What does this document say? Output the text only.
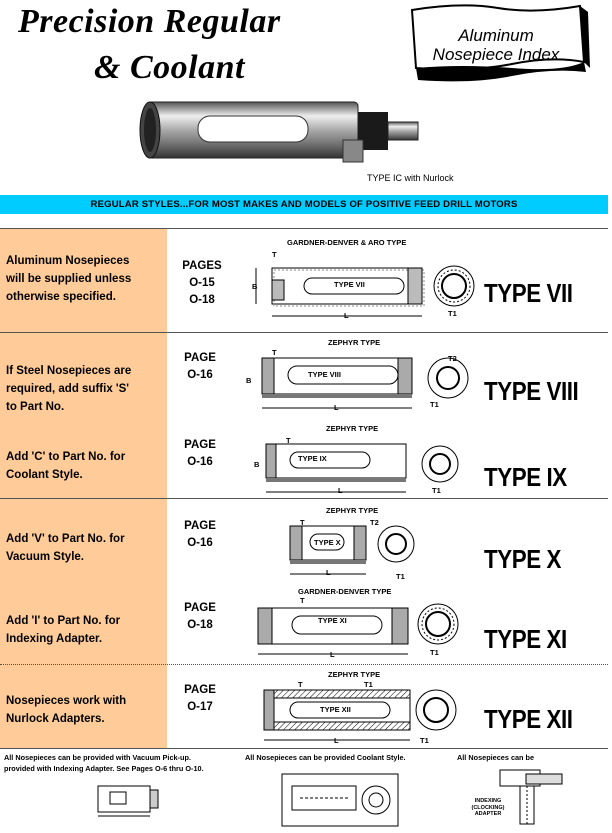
Precision Regular
& Coolant
Aluminum
Nosepiece Index
TYPE IC with Nurlock
REGULAR STYLES...FOR MOST MAKES AND MODELS OF POSITIVE FEED DRILL MOTORS
Aluminum Nosepieces
will be supplied unless
otherwise specified.
PAGES
O-15
O-18
GARDNER-DENVER & ARO TYPE
TYPE VII
B
T
L	T1
TYPE VII
If Steel Nosepieces are
required, add suffix 'S'
to Part No.
PAGE
O-16
ZEPHYR TYPE
TYPE VIII
B
T
L
T2
T1 TYPE VIII
Add 'C' to Part No. for
Coolant Style.
PAGE
O-16
ZEPHYR TYPE
TYPE IX
B
T
L	T1 TYPE IX
Add 'V' to Part No. for
Vacuum Style.
PAGE
O-16
ZEPHYR TYPE
TYPE X
T
L
T2
T1
TYPE X
Add 'I' to Part No. for
Indexing Adapter.
PAGE
O-18
GARDNER-DENVER TYPE
TYPE XI
T
L	T1 TYPE XI
Nosepieces work with
Nurlock Adapters.
PAGE
O-17
ZEPHYR TYPE
TYPE XII
T	T1
L	T1
TYPE XII
All Nosepieces can be provided with Vacuum Pick-up.
provided with Indexing Adapter. See Pages O-6 thru O-10.
All Nosepieces can be provided Coolant Style.	All Nosepieces can be
INDEXING
(CLOCKING)
ADAPTER
